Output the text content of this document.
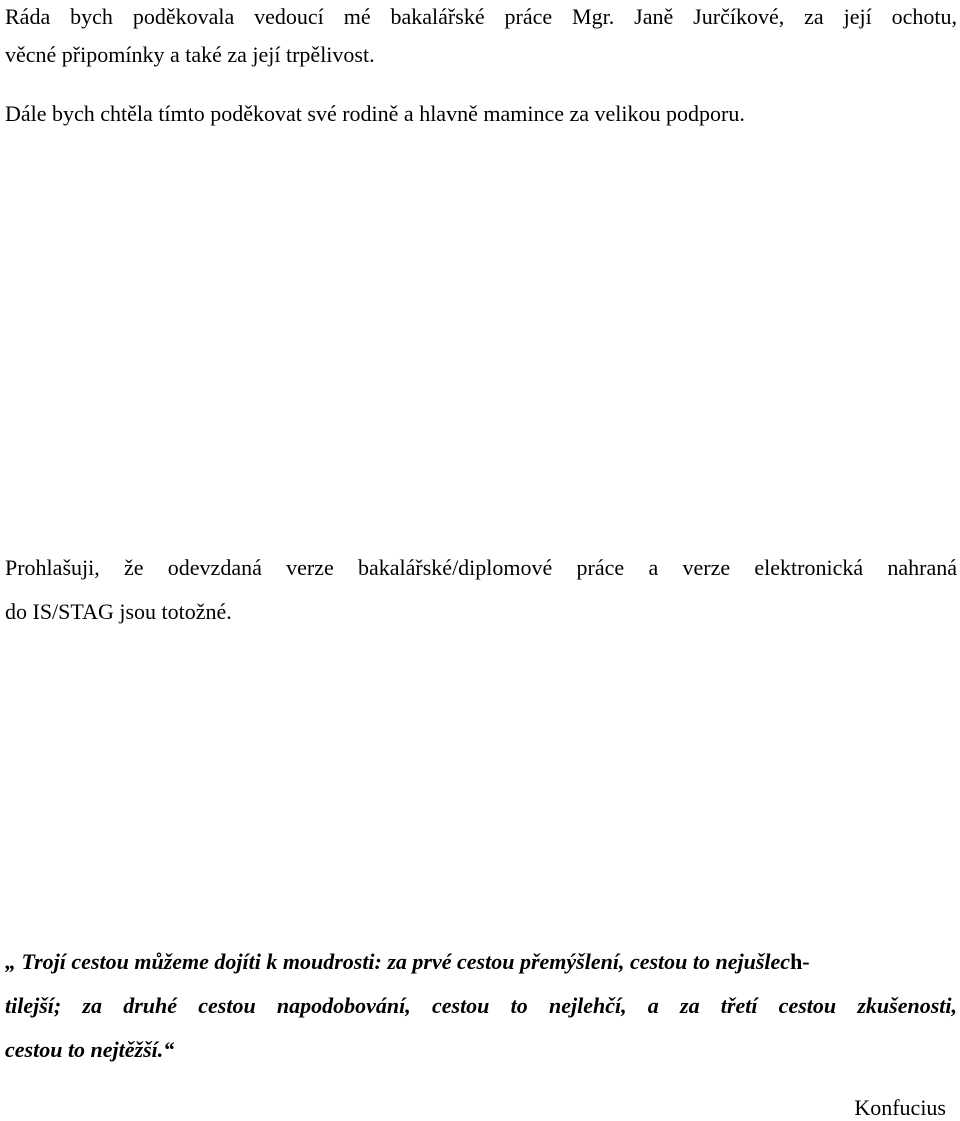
Ráda bych poděkovala vedoucí mé bakalářské práce Mgr. Janě Jurčíkové, za její ochotu,
věcné připomínky a také za její trpělivost.
Dále bych chtěla tímto poděkovat své rodině a hlavně mamince za velikou podporu.
Prohlašuji, že odevzdaná verze bakalářské/diplomové práce a verze elektronická nahraná
do IS/STAG jsou totožné.
„ Trojí cestou můžeme dojíti k moudrosti: za prvé cestou přemýšlení, cestou to nejušlech-
tilejší; za druhé cestou napodobování, cestou to nejlehčí, a za třetí cestou zkušenosti,
cestou to nejtěžší.“
Konfucius
